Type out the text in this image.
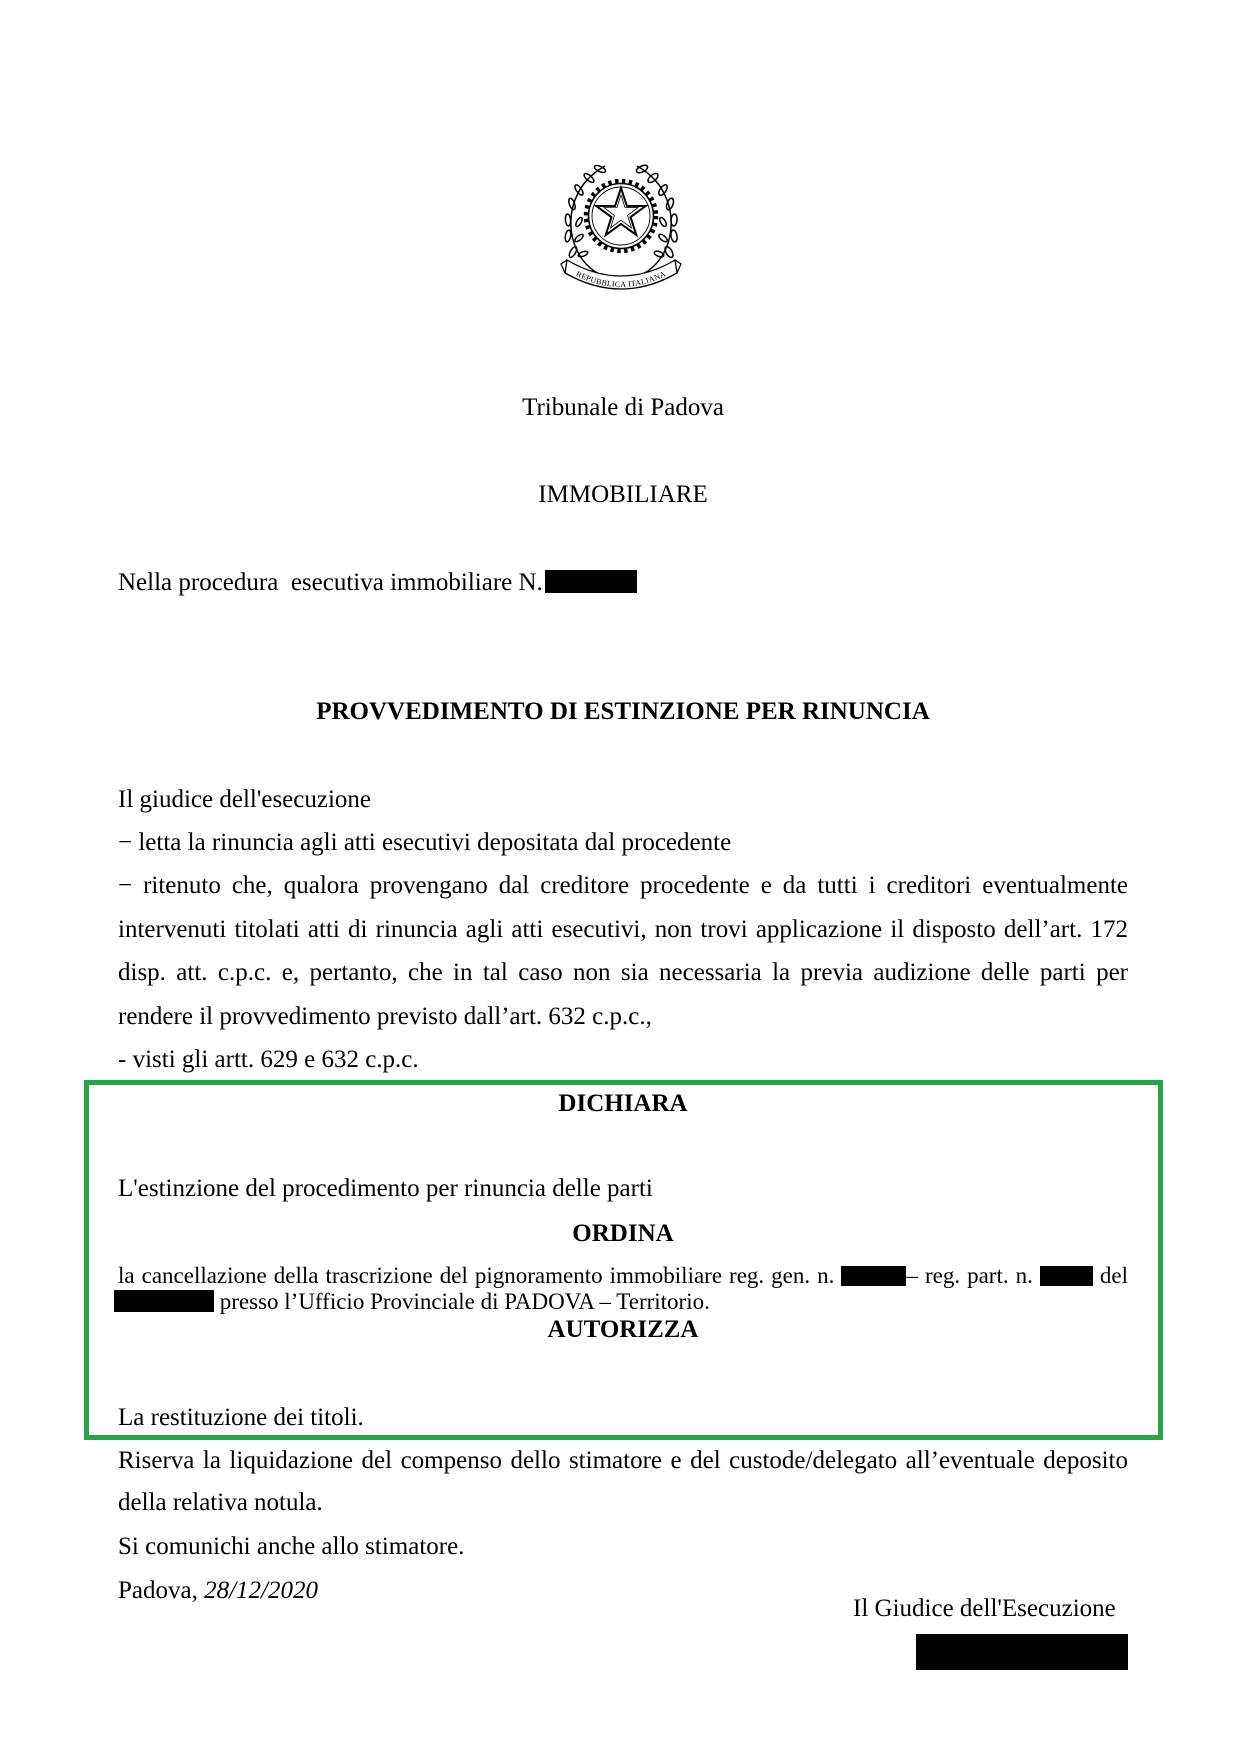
REPUBBLICA ITALIANA
Tribunale di Padova
IMMOBILIARE
Nella procedura  esecutiva immobiliare N.
PROVVEDIMENTO DI ESTINZIONE PER RINUNCIA
Il giudice dell'esecuzione
− letta la rinuncia agli atti esecutivi depositata dal procedente
− ritenuto che, qualora provengano dal creditore procedente e da tutti i creditori eventualmente
intervenuti titolati atti di rinuncia agli atti esecutivi, non trovi applicazione il disposto dell’art. 172
disp. att. c.p.c. e, pertanto, che in tal caso non sia necessaria la previa audizione delle parti per
rendere il provvedimento previsto dall’art. 632 c.p.c.,
- visti gli artt. 629 e 632 c.p.c.
DICHIARA
L'estinzione del procedimento per rinuncia delle parti
ORDINA
la cancellazione della trascrizione del pignoramento immobiliare reg. gen. n.	– reg. part. n.  del
presso l’Ufficio Provinciale di PADOVA – Territorio.
AUTORIZZA
La restituzione dei titoli.
Riserva la liquidazione del compenso dello stimatore e del custode/delegato all’eventuale deposito
della relativa notula.
Si comunichi anche allo stimatore.
Padova, 28/12/2020
Il Giudice dell'Esecuzione
